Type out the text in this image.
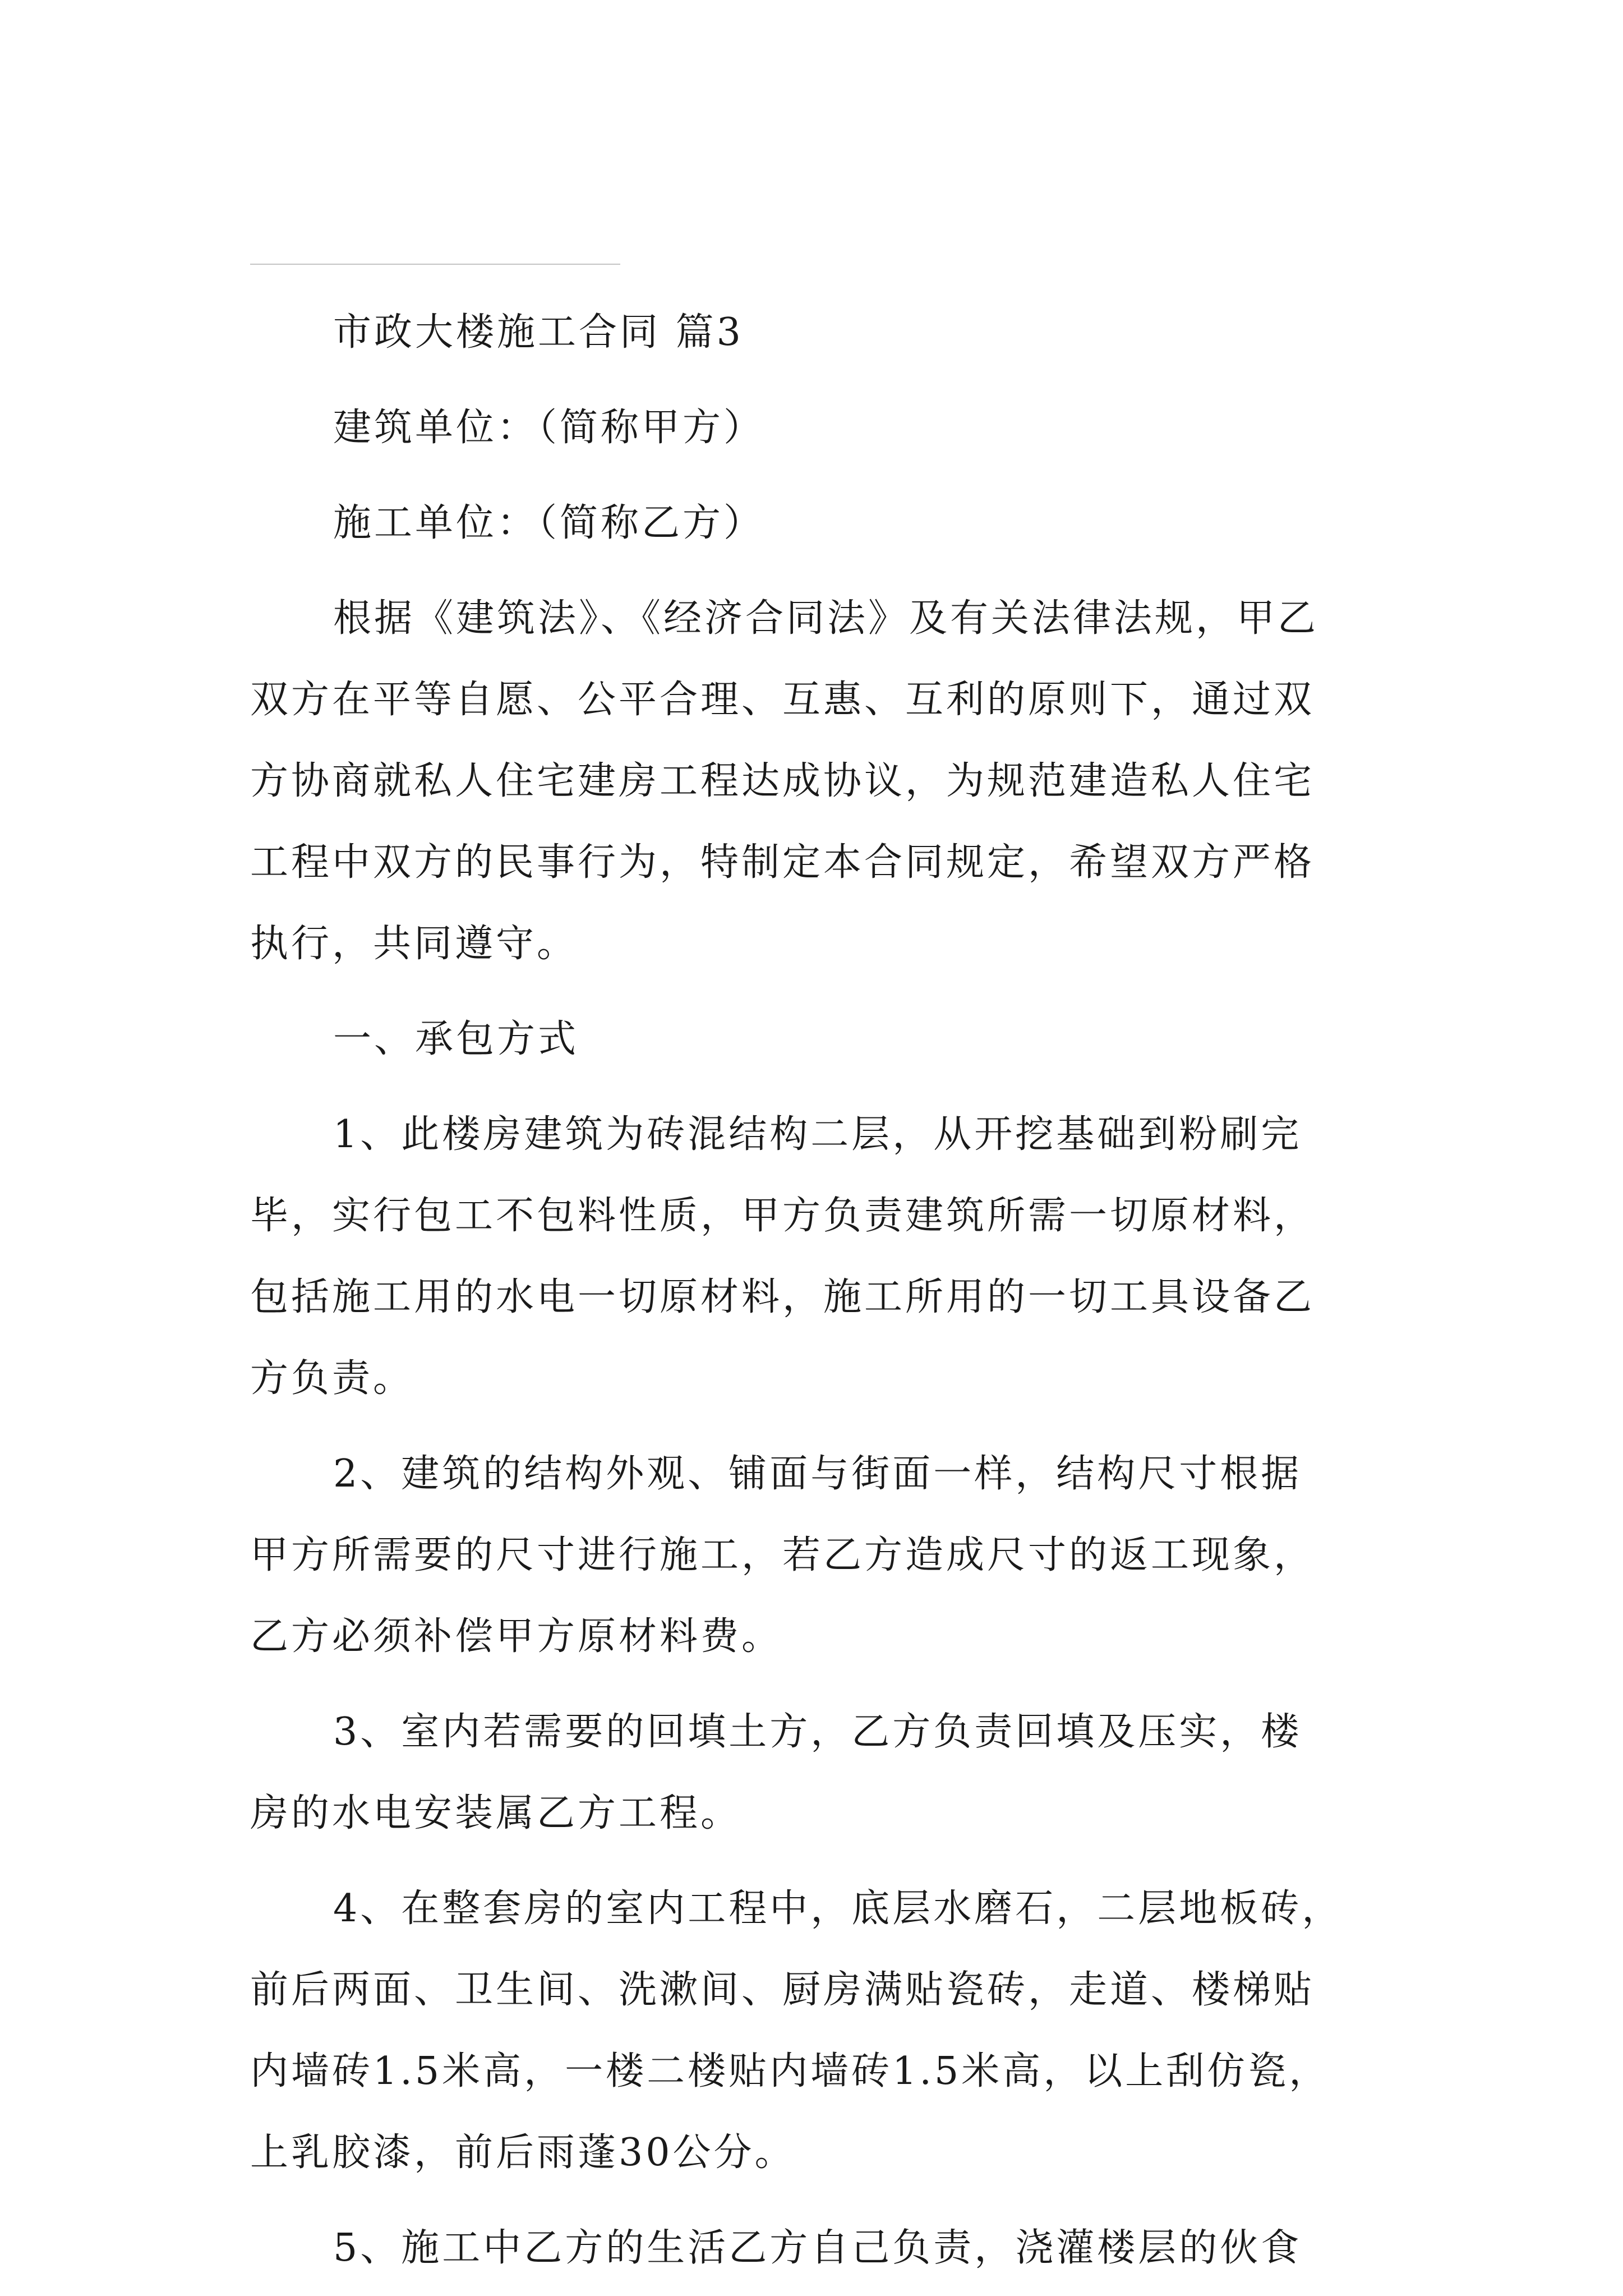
市政大楼施工合同 篇3
建筑单位：（简称甲方）
施工单位：（简称乙方）
根据《建筑法》、《经济合同法》及有关法律法规，甲乙
双方在平等自愿、公平合理、互惠、互利的原则下，通过双
方协商就私人住宅建房工程达成协议，为规范建造私人住宅
工程中双方的民事行为，特制定本合同规定，希望双方严格
执行，共同遵守。
一、承包方式
1、此楼房建筑为砖混结构二层，从开挖基础到粉刷完
毕，实行包工不包料性质，甲方负责建筑所需一切原材料，
包括施工用的水电一切原材料，施工所用的一切工具设备乙
方负责。
2、建筑的结构外观、铺面与街面一样，结构尺寸根据
甲方所需要的尺寸进行施工，若乙方造成尺寸的返工现象，
乙方必须补偿甲方原材料费。
3、室内若需要的回填土方，乙方负责回填及压实，楼
房的水电安装属乙方工程。
4、在整套房的室内工程中，底层水磨石，二层地板砖，
前后两面、卫生间、洗漱间、厨房满贴瓷砖，走道、楼梯贴
内墙砖1.5米高，一楼二楼贴内墙砖1.5米高，以上刮仿瓷，
上乳胶漆，前后雨蓬30公分。
5、施工中乙方的生活乙方自己负责，浇灌楼层的伙食
